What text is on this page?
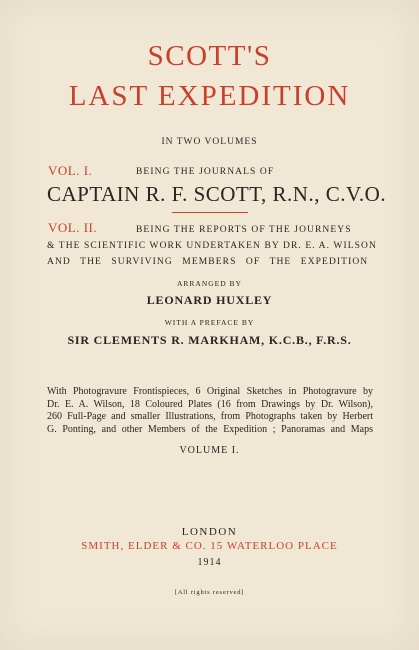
SCOTT'S
LAST EXPEDITION
IN TWO VOLUMES
VOL. I.	BEING THE JOURNALS OF
CAPTAIN R. F. SCOTT, R.N., C.V.O.
VOL. II.	BEING THE REPORTS OF THE JOURNEYS
& THE SCIENTIFIC WORK UNDERTAKEN BY DR. E. A. WILSON
AND THE SURVIVING MEMBERS OF THE EXPEDITION
ARRANGED BY
LEONARD HUXLEY
WITH A PREFACE BY
SIR CLEMENTS R. MARKHAM, K.C.B., F.R.S.
With Photogravure Frontispieces, 6 Original Sketches in Photogravure by
Dr. E. A. Wilson, 18 Coloured Plates (16 from Drawings by Dr. Wilson),
260 Full-Page and smaller Illustrations, from Photographs taken by Herbert
G. Ponting, and other Members of the Expedition ; Panoramas and Maps
VOLUME I.
LONDON
SMITH, ELDER & CO. 15 WATERLOO PLACE
1914
[All rights reserved]
